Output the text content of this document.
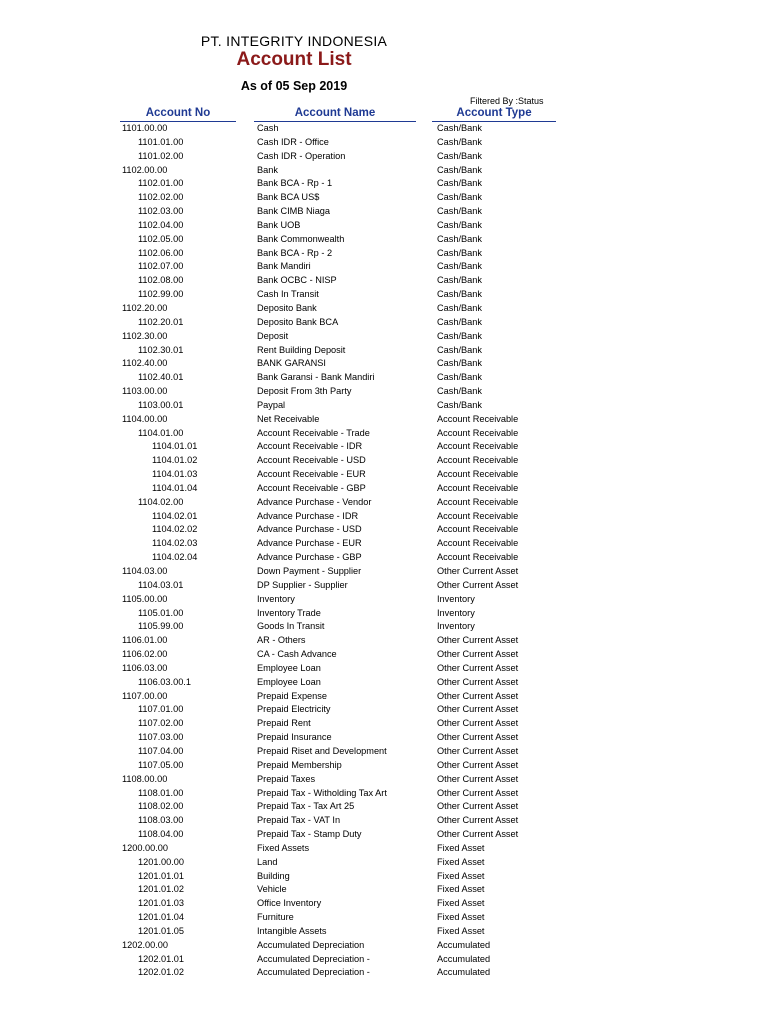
PT. INTEGRITY INDONESIA
Account List
As of 05 Sep 2019
Filtered By :Status
Account No	Account Name	Account Type
1101.00.00	Cash	Cash/Bank
1101.01.00	Cash IDR - Office	Cash/Bank
1101.02.00	Cash IDR - Operation	Cash/Bank
1102.00.00	Bank	Cash/Bank
1102.01.00	Bank BCA - Rp - 1	Cash/Bank
1102.02.00	Bank BCA US$	Cash/Bank
1102.03.00	Bank CIMB Niaga	Cash/Bank
1102.04.00	Bank UOB	Cash/Bank
1102.05.00	Bank Commonwealth	Cash/Bank
1102.06.00	Bank BCA - Rp - 2	Cash/Bank
1102.07.00	Bank Mandiri	Cash/Bank
1102.08.00	Bank OCBC - NISP	Cash/Bank
1102.99.00	Cash In Transit	Cash/Bank
1102.20.00	Deposito Bank	Cash/Bank
1102.20.01	Deposito Bank BCA	Cash/Bank
1102.30.00	Deposit	Cash/Bank
1102.30.01	Rent Building Deposit	Cash/Bank
1102.40.00	BANK GARANSI	Cash/Bank
1102.40.01	Bank Garansi - Bank Mandiri	Cash/Bank
1103.00.00	Deposit From 3th Party	Cash/Bank
1103.00.01	Paypal	Cash/Bank
1104.00.00	Net Receivable	Account Receivable
1104.01.00	Account Receivable - Trade	Account Receivable
1104.01.01	Account Receivable - IDR	Account Receivable
1104.01.02	Account Receivable - USD	Account Receivable
1104.01.03	Account Receivable - EUR	Account Receivable
1104.01.04	Account Receivable - GBP	Account Receivable
1104.02.00	Advance Purchase - Vendor	Account Receivable
1104.02.01	Advance Purchase - IDR	Account Receivable
1104.02.02	Advance Purchase - USD	Account Receivable
1104.02.03	Advance Purchase - EUR	Account Receivable
1104.02.04	Advance Purchase - GBP	Account Receivable
1104.03.00	Down Payment - Supplier	Other Current Asset
1104.03.01	DP Supplier - Supplier	Other Current Asset
1105.00.00	Inventory	Inventory
1105.01.00	Inventory Trade	Inventory
1105.99.00	Goods In Transit	Inventory
1106.01.00	AR - Others	Other Current Asset
1106.02.00	CA - Cash Advance	Other Current Asset
1106.03.00	Employee Loan	Other Current Asset
1106.03.00.1	Employee Loan	Other Current Asset
1107.00.00	Prepaid Expense	Other Current Asset
1107.01.00	Prepaid Electricity	Other Current Asset
1107.02.00	Prepaid Rent	Other Current Asset
1107.03.00	Prepaid Insurance	Other Current Asset
1107.04.00	Prepaid Riset and Development	Other Current Asset
1107.05.00	Prepaid Membership	Other Current Asset
1108.00.00	Prepaid Taxes	Other Current Asset
1108.01.00	Prepaid Tax - Witholding Tax Art	Other Current Asset
1108.02.00	Prepaid Tax - Tax Art 25	Other Current Asset
1108.03.00	Prepaid Tax - VAT In	Other Current Asset
1108.04.00	Prepaid Tax - Stamp Duty	Other Current Asset
1200.00.00	Fixed Assets	Fixed Asset
1201.00.00	Land	Fixed Asset
1201.01.01	Building	Fixed Asset
1201.01.02	Vehicle	Fixed Asset
1201.01.03	Office Inventory	Fixed Asset
1201.01.04	Furniture	Fixed Asset
1201.01.05	Intangible Assets	Fixed Asset
1202.00.00	Accumulated Depreciation	Accumulated
1202.01.01	Accumulated Depreciation -	Accumulated
1202.01.02	Accumulated Depreciation -	Accumulated
